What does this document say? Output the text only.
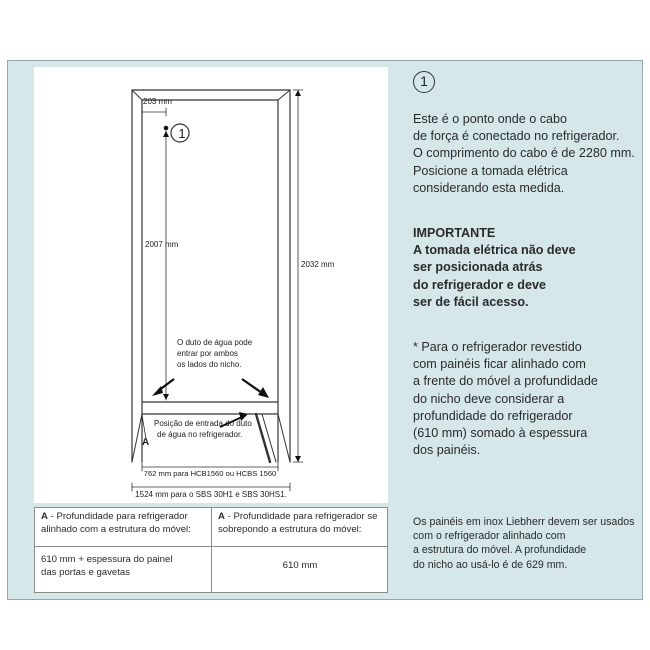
1
203 mm
2007 mm
2032 mm
O duto de água pode
entrar por ambos
os lados do nicho.
Posição de entrada do duto
de água no refrigerador.
A
762 mm para HCB1560 ou HCBS 1560
1524 mm para o SBS 30H1 e SBS 30HS1.
1
Este é o ponto onde o cabo
de força é conectado no refrigerador.
O comprimento do cabo é de 2280 mm.
Posicione a tomada elétrica
considerando esta medida.
IMPORTANTE
A tomada elétrica não deve
ser posicionada atrás
do refrigerador e deve
ser de fácil acesso.
* Para o refrigerador revestido
com painéis ficar alinhado com
a frente do móvel a profundidade
do nicho deve considerar a
profundidade do refrigerador
(610 mm) somado à espessura
dos painéis.
A - Profundidade para refrigerador
alinhado com a estrutura do móvel:
A - Profundidade para refrigerador se
sobrepondo a estrutura do móvel:
610 mm + espessura do painel
das portas e gavetas
610 mm
Os painéis em inox Liebherr devem ser usados
com o refrigerador alinhado com
a estrutura do móvel. A profundidade
do nicho ao usá-lo é de 629 mm.
